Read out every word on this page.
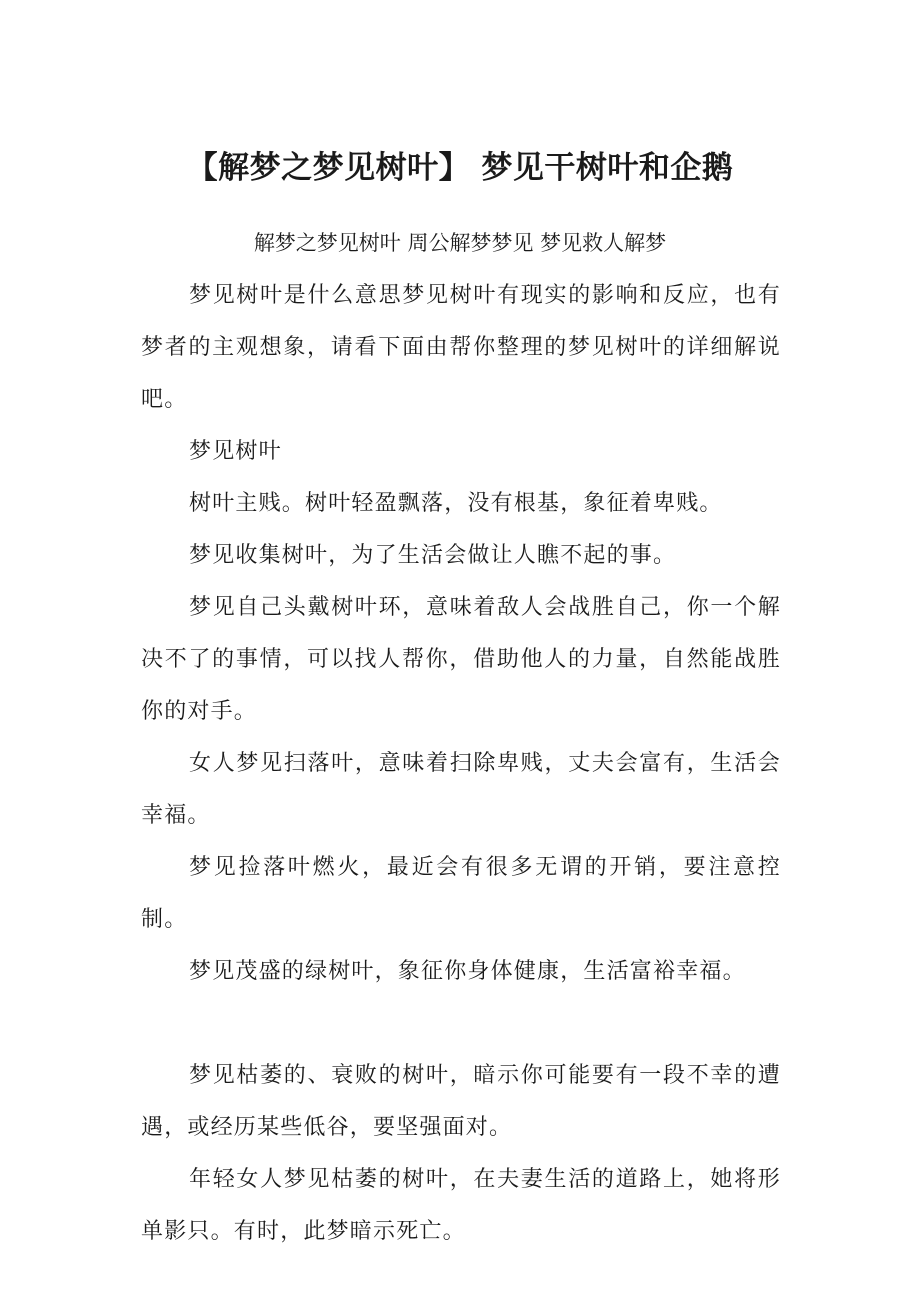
【解梦之梦见树叶】 梦见干树叶和企鹅

解梦之梦见树叶 周公解梦梦见 梦见救人解梦

梦见树叶是什么意思梦见树叶有现实的影响和反应，也有梦者的主观想象，请看下面由帮你整理的梦见树叶的详细解说吧。

梦见树叶

树叶主贱。树叶轻盈飘落，没有根基，象征着卑贱。

梦见收集树叶，为了生活会做让人瞧不起的事。

梦见自己头戴树叶环，意味着敌人会战胜自己，你一个解决不了的事情，可以找人帮你，借助他人的力量，自然能战胜你的对手。

女人梦见扫落叶，意味着扫除卑贱，丈夫会富有，生活会幸福。

梦见捡落叶燃火，最近会有很多无谓的开销，要注意控制。

梦见茂盛的绿树叶，象征你身体健康，生活富裕幸福。

梦见枯萎的、衰败的树叶，暗示你可能要有一段不幸的遭遇，或经历某些低谷，要坚强面对。

年轻女人梦见枯萎的树叶，在夫妻生活的道路上，她将形单影只。有时，此梦暗示死亡。
